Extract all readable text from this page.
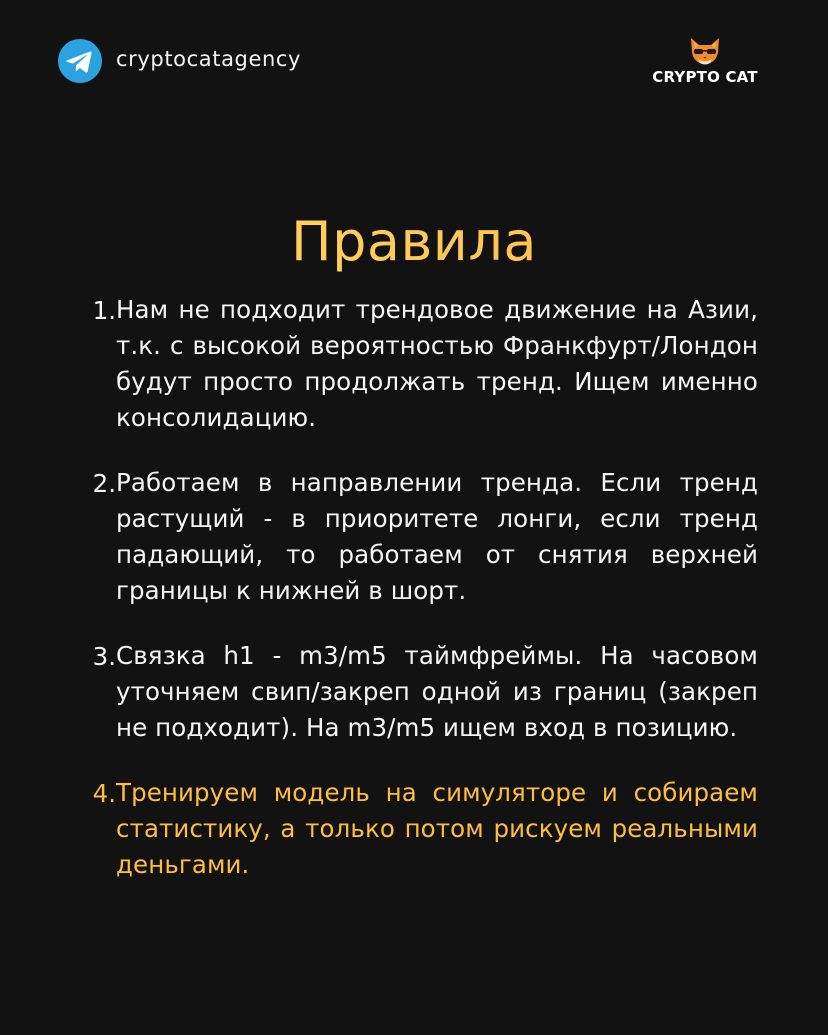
cryptocatagency
CRYPTO CAT
Правила
1. Нам не подходит трендовое движение на Азии, т.к. с высокой вероятностью Франкфурт/Лондон будут просто продолжать тренд. Ищем именно консолидацию.
2. Работаем в направлении тренда. Если тренд растущий - в приоритете лонги, если тренд падающий, то работаем от снятия верхней границы к нижней в шорт.
3. Связка h1 - m3/m5 таймфреймы. На часовом уточняем свип/закреп одной из границ (закреп не подходит). На m3/m5 ищем вход в позицию.
4. Тренируем модель на симуляторе и собираем статистику, а только потом рискуем реальными деньгами.
